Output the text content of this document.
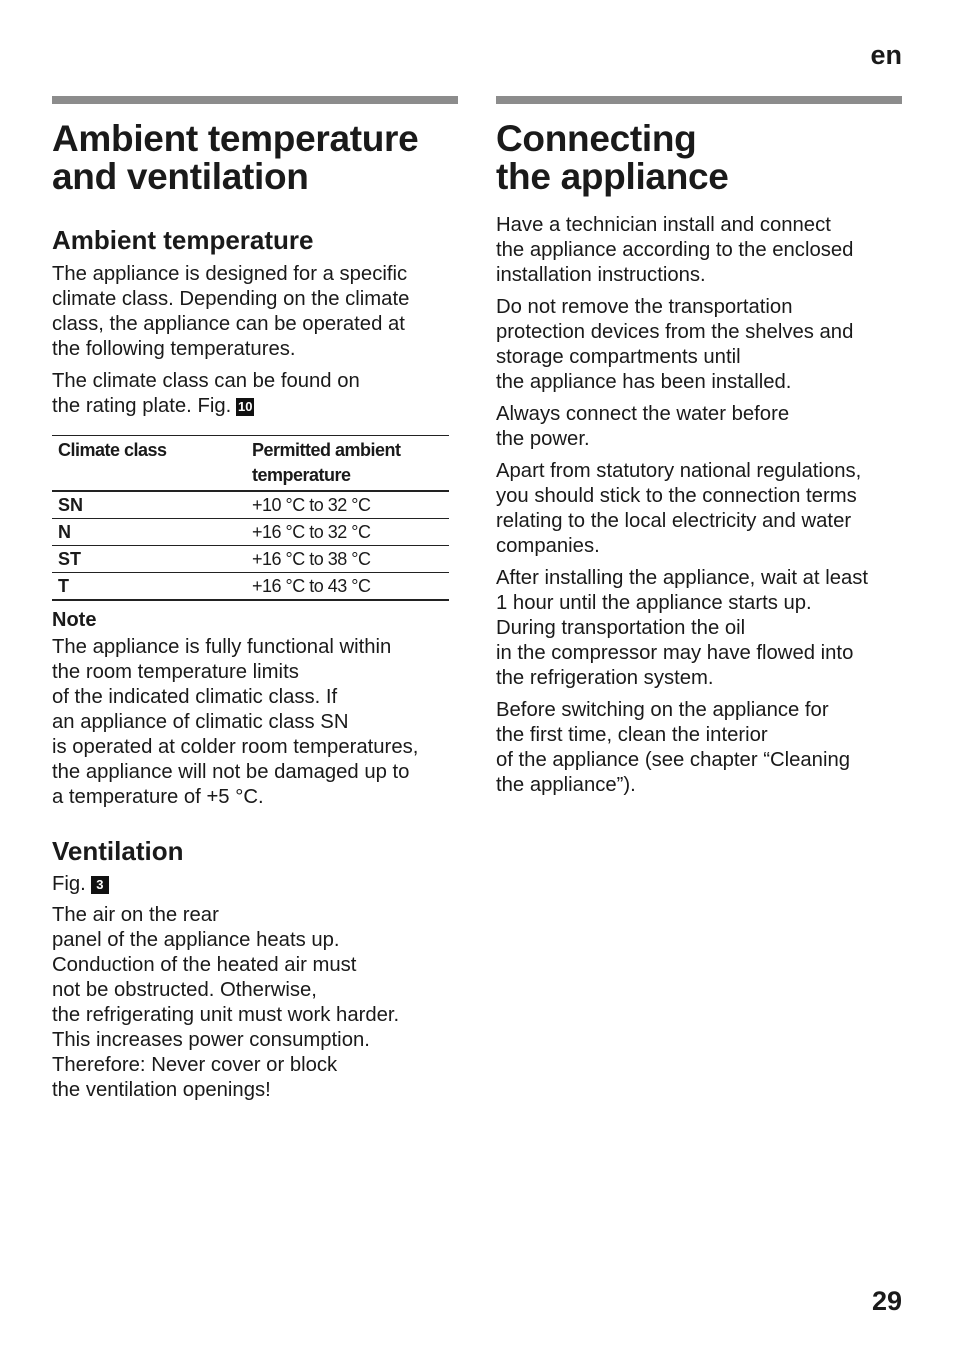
en
Ambient temperature
and ventilation
Ambient temperature

The appliance is designed for a specific
climate class. Depending on the climate
class, the appliance can be operated at
the following temperatures.

The climate class can be found on
the rating plate. Fig. 10

Climate class	Permitted ambient temperature
SN	+10 °C to 32 °C
N	+16 °C to 32 °C
ST	+16 °C to 38 °C
T	+16 °C to 43 °C
Note

The appliance is fully functional within
the room temperature limits
of the indicated climatic class. If
an appliance of climatic class SN
is operated at colder room temperatures,
the appliance will not be damaged up to
a temperature of +5 °C.

Ventilation

Fig. 3

The air on the rear
panel of the appliance heats up.
Conduction of the heated air must
not be obstructed. Otherwise,
the refrigerating unit must work harder.
This increases power consumption.
Therefore: Never cover or block
the ventilation openings!

Connecting
the appliance

Have a technician install and connect
the appliance according to the enclosed
installation instructions.

Do not remove the transportation
protection devices from the shelves and
storage compartments until
the appliance has been installed.

Always connect the water before
the power.

Apart from statutory national regulations,
you should stick to the connection terms
relating to the local electricity and water
companies.

After installing the appliance, wait at least
1 hour until the appliance starts up.
During transportation the oil
in the compressor may have flowed into
the refrigeration system.

Before switching on the appliance for
the first time, clean the interior
of the appliance (see chapter “Cleaning
the appliance”).

29
